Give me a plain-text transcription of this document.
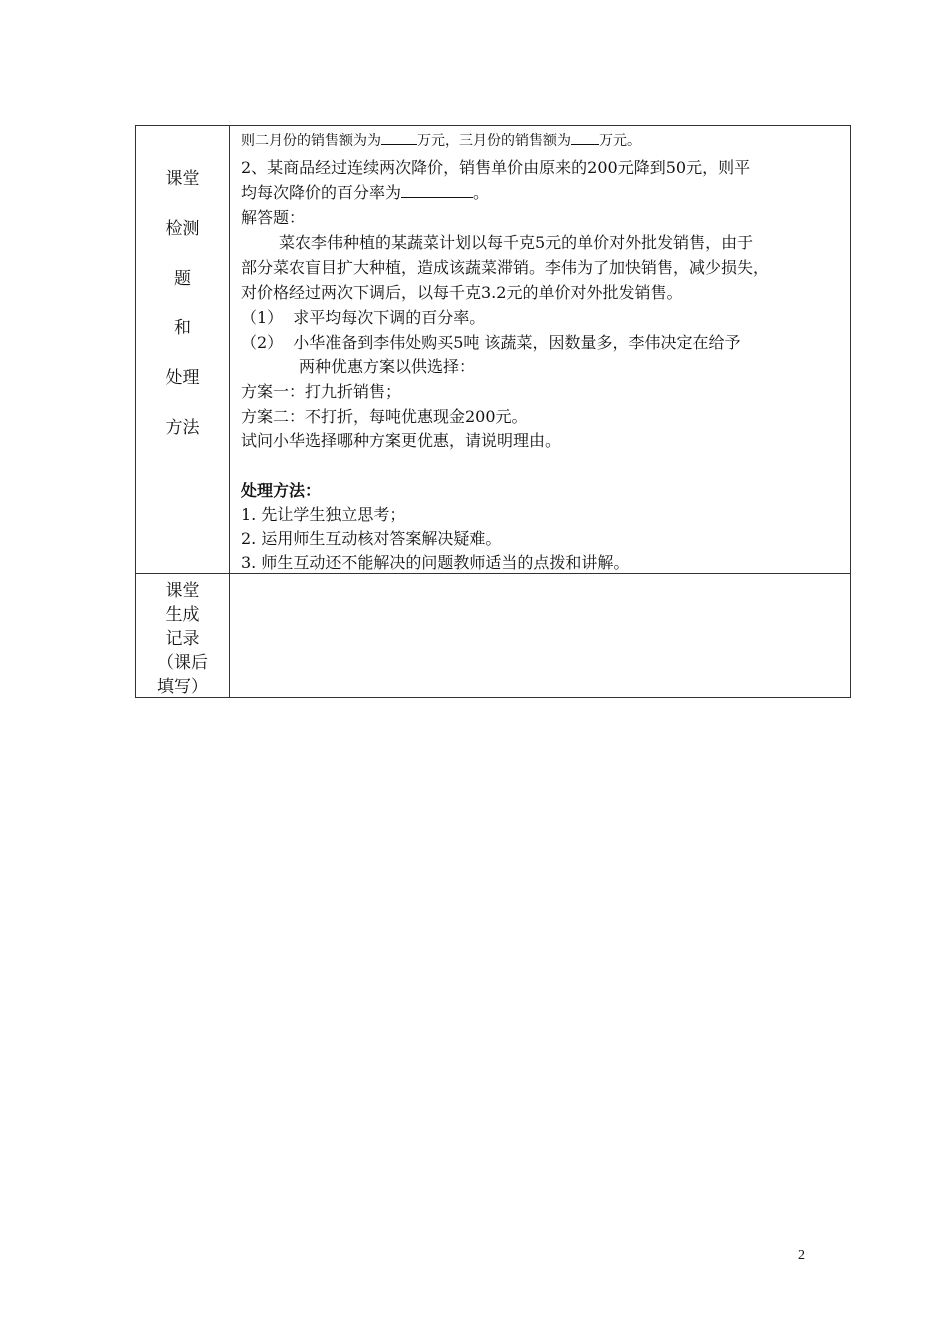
课堂
检测
题
和
处理
方法
课堂
生成
记录
（课后
填写）
则二月份的销售额为为	万元，三月份的销售额为 万元。
2、某商品经过连续两次降价，销售单价由原来的200元降到50元，则平
均每次降价的百分率为	。
解答题：
菜农李伟种植的某蔬菜计划以每千克5元的单价对外批发销售，由于
部分菜农盲目扩大种植，造成该蔬菜滞销。李伟为了加快销售，减少损失，
对价格经过两次下调后，以每千克3.2元的单价对外批发销售。
（1） 求平均每次下调的百分率。
（2） 小华准备到李伟处购买5吨 该蔬菜，因数量多，李伟决定在给予
两种优惠方案以供选择：
方案一：打九折销售；
方案二：不打折，每吨优惠现金200元。
试问小华选择哪种方案更优惠，请说明理由。
处理方法：
1. 先让学生独立思考；
2. 运用师生互动核对答案解决疑难。
3. 师生互动还不能解决的问题教师适当的点拨和讲解。
2
